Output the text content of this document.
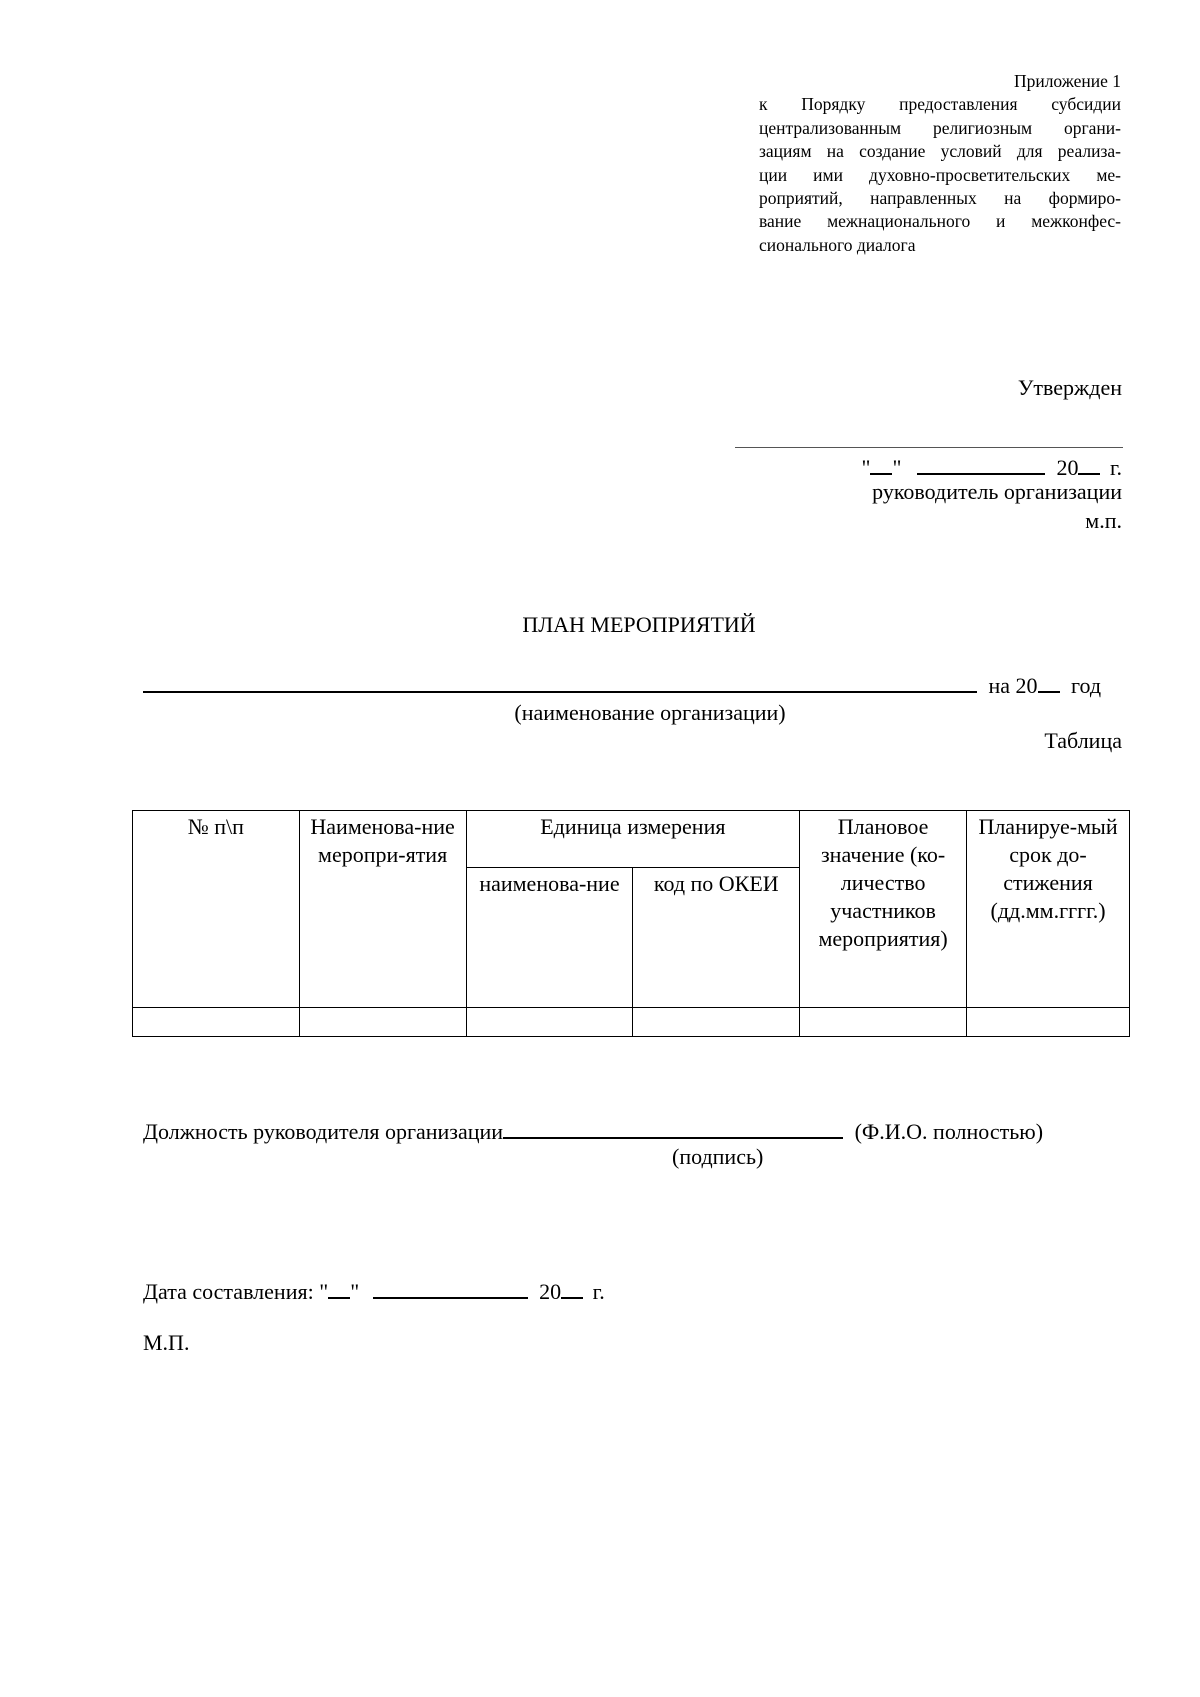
Приложение 1
к Порядку предоставления субсидии
централизованным религиозным органи-
зациям на создание условий для реализа-
ции ими духовно-просветительских ме-
роприятий, направленных на формиро-
вание межнационального и межконфес-
сионального диалога
Утвержден
" "	20 г.
руководитель организации
м.п.
ПЛАН МЕРОПРИЯТИЙ
на 20 год
(наименование организации)
Таблица
№ п\п	Наименова-ние меропри-ятия	Единица измерения		Плановое значение (ко-личество участников мероприятия)	Планируе-мый срок до-стижения (дд.мм.гггг.)
		наименова-ние	код по ОКЕИ		

Должность руководителя организации	(Ф.И.О. полностью)
(подпись)
Дата составления: " "	20 г.
М.П.
